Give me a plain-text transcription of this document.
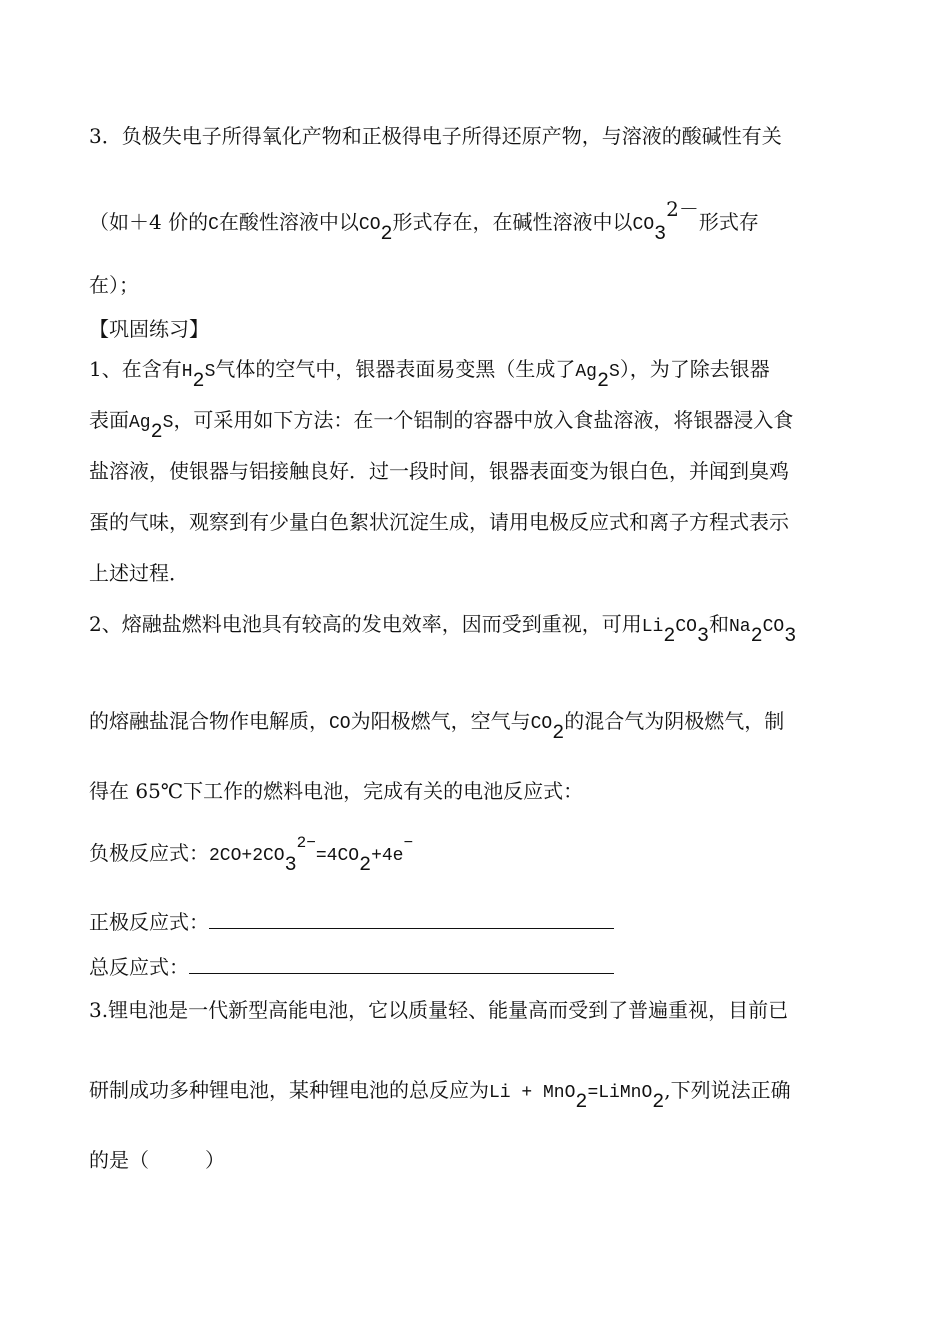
3．负极失电子所得氧化产物和正极得电子所得还原产物，与溶液的酸碱性有关
（如＋4 价的C在酸性溶液中以CO2形式存在，在碱性溶液中以CO32－形式存
在）；
【巩固练习】
1、在含有H2S气体的空气中，银器表面易变黑（生成了Ag2S），为了除去银器
表面Ag2S，可采用如下方法：在一个铝制的容器中放入食盐溶液，将银器浸入食
盐溶液，使银器与铝接触良好．过一段时间，银器表面变为银白色，并闻到臭鸡
蛋的气味，观察到有少量白色絮状沉淀生成，请用电极反应式和离子方程式表示
上述过程．
2、熔融盐燃料电池具有较高的发电效率，因而受到重视，可用Li2CO3和Na2CO3
的熔融盐混合物作电解质，CO为阳极燃气，空气与CO2的混合气为阴极燃气，制
得在 65℃下工作的燃料电池，完成有关的电池反应式：
负极反应式：$2CO+2CO3^{2-}=4CO2+4e^-$
正极反应式：
总反应式：
3.锂电池是一代新型高能电池，它以质量轻、能量高而受到了普遍重视，目前已
研制成功多种锂电池，某种锂电池的总反应为Li + MnO2=LiMnO2,下列说法正确
的是（	）
